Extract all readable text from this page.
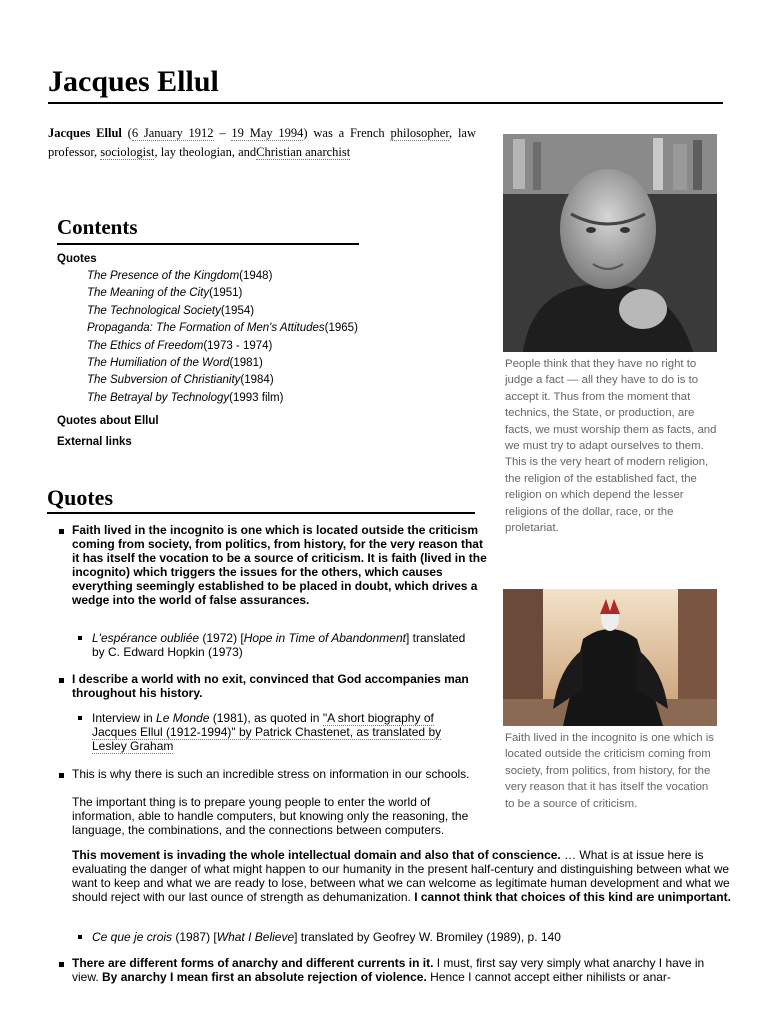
Jacques Ellul
Jacques Ellul (6 January 1912 – 19 May 1994) was a French philosopher, law professor, sociologist, lay theologian, andChristian anarchist
Contents
Quotes
The Presence of the Kingdom(1948)
The Meaning of the City(1951)
The Technological Society(1954)
Propaganda: The Formation of Men's Attitudes(1965)
The Ethics of Freedom(1973 - 1974)
The Humiliation of the Word(1981)
The Subversion of Christianity(1984)
The Betrayal by Technology(1993 film)
Quotes about Ellul
External links
Quotes
Faith lived in the incognito is one which is located outside the criticism coming from society, from politics, from history, for the very reason that it has itself the vocation to be a source of criticism. It is faith (lived in the incognito) which triggers the issues for the others, which causes everything seemingly established to be placed in doubt, which drives a wedge into the world of false assurances.
L'espérance oubliée (1972) [Hope in Time of Abandonment] translated by C. Edward Hopkin (1973)
I describe a world with no exit, convinced that God accompanies man throughout his history.
Interview in Le Monde (1981), as quoted in "A short biography of Jacques Ellul (1912-1994)" by Patrick Chastenet, as translated by Lesley Graham
This is why there is such an incredible stress on information in our schools.
The important thing is to prepare young people to enter the world of information, able to handle computers, but knowing only the reasoning, the language, the combinations, and the connections between computers.
This movement is invading the whole intellectual domain and also that of conscience. … What is at issue here is evaluating the danger of what might happen to our humanity in the present half-century and distinguishing between what we want to keep and what we are ready to lose, between what we can welcome as legitimate human development and what we should reject with our last ounce of strength as dehumanization. I cannot think that choices of this kind are unimportant.
Ce que je crois (1987) [What I Believe] translated by Geofrey W. Bromiley (1989), p. 140
There are different forms of anarchy and different currents in it. I must, first say very simply what anarchy I have in view. By anarchy I mean first an absolute rejection of violence. Hence I cannot accept either nihilists or anar-
People think that they have no right to judge a fact — all they have to do is to accept it. Thus from the moment that technics, the State, or production, are facts, we must worship them as facts, and we must try to adapt ourselves to them. This is the very heart of modern religion, the religion of the established fact, the religion on which depend the lesser religions of the dollar, race, or the proletariat.
Faith lived in the incognito is one which is located outside the criticism coming from society, from politics, from history, for the very reason that it has itself the vocation to be a source of criticism.
